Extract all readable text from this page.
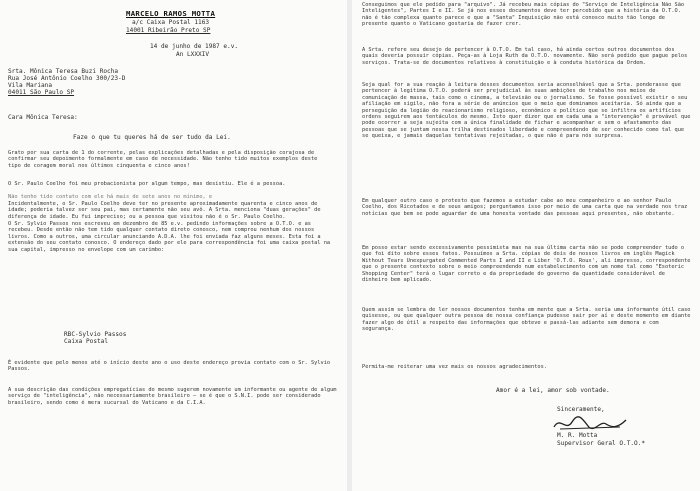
MARCELO RAMOS MOTTA
a/c Caixa Postal 1163
14001 Ribeirão Preto SP
14 de junho de 1987 e.v.
An LXXXIV
Srta. Mônica Teresa Buzi Rocha
Rua José Antônio Coelho 300/23-D
Vila Mariana
04011 São Paulo SP
Cara Mônica Teresa:
Faze o que tu queres há de ser tudo da Lei.
Grato por sua carta de 1 do corrente, pelas explicações detalhadas e pela disposição corajosa de confirmar seu depoimento formalmente em caso de necessidade. Não tenho tido muitos exemplos deste tipo de coragem moral nos últimos cinquenta e cinco anos!
O Sr. Paulo Coelho foi meu probacionista por algum tempo, mas desistiu. Ele é a pessoa.
Não tenho tido contato com ele há mais de sete anos no mínimo, e
Incidentalmente, o Sr. Paulo Coelho deve ter no presente aproximadamente quarenta e cinco anos de idade; poderia talvez ser seu pai, mas certamente não seu avô. A Srta. menciona "duas gerações" de diferença de idade. Eu fui impreciso; ou a pessoa que visitou não é o Sr. Paulo Coelho.
O Sr. Sylvio Passos nos escreveu em dezembro de 85 e.v. pedindo informações sobre a O.T.O. e as recebeu. Desde então não tem tido qualquer contato direto conosco, nem comprou nenhum dos nossos livros. Como a outros, uma circular anunciando A.D.A. lhe foi enviada faz alguns meses. Esta foi a extensão do seu contato conosco. O endereço dado por ele para correspondência foi uma caixa postal na sua capital, impresso no envelope com um carimbo:
RBC-Sylvio Passos
Caixa Postal
É evidente que pelo menos até o início deste ano o uso deste endereço provia contato com o Sr. Sylvio Passos.
A sua descrição das condições empregatícias do mesmo sugerem novamente um informante ou agente de algum serviço de "inteligência", não necessariamente brasileiro — se é que o S.N.I. pode ser considerado brasileiro, sendo como é mera sucursal do Vaticano e da C.I.A.
Conseguimos que ele pedido para "arquivo". Já recebeu mais cópias do "Serviço de Inteligência Não São Inteligentes", Partes I e II. Se já nos esses documentos deve ter percebido que a história da O.T.O. não é tão complexa quanto parece e que a "Santa" Inquisição não está conosco muito tão longe de presente quanto o Vaticano gostaria de fazer crer.
A Srta. refere seu desejo de pertencer à O.T.O. Em tal caso, há ainda certos outros documentos dos quais deveria possuir cópias. Peça-as à Loja Ruth da O.T.O. novamente. Não será pedido que pague pelos serviços. Trata-se de documentos relativos à constituição e à conduta histórica da Ordem.
Seja qual for a sua reação à leitura desses documentos seria aconselhável que a Srta. ponderasse que pertencer à legítima O.T.O. poderá ser prejudicial às suas ambições de trabalho nos meios de comunicação de massa, tais como o cinema, a televisão ou o jornalismo. Se fosse possível existir o seu afiliação em sigilo, não fora a série de anúncios que o meio que dominamos aceitaria. Só ainda que a perseguição da legião do reacionarismo religioso, econômico e político que se infiltra os artifícios ordens seguirem aos tentáculos do mesmo. Isto quer dizer que em cada uma a "intervenção" é provável que pode ocorrer a seja sujeita com a única finalidade de fichar e acompanhar e sem o afastamento das pessoas que se juntam nessa trilha destinados liberdade e compreendendo de ser conhecido como tal que se queixa, e jamais daquelas tentativas rejeitadas, o que não é para nós surpresa.
Em qualquer outro caso o protesto que fazemos a estudar cabe ao meu companheiro e ao senhor Paulo Coelho, dos Ricotados e de seus amigos; perguntamos isso por meio de uma carta que na verdade nos traz notícias que bem se pode aguardar de uma honesta vontade das pessoas aqui presentes, não obstante.
Em posso estar sendo excessivamente pessimista mas na sua última carta não se pode compreender tudo o que foi dito sobre esses fatos. Possuímos a Srta. cópias de dois de nossos livros em inglês Magick Without Tears Unexpurgated Commented Parts I and II e Liber 'O.T.O. Roux', ali impresso, correspondente que o presente contexto sobre o meio compreendendo num estabelecimento com um nome tal como "Esoteric Shopping Center" terá o lugar correto e da propriedade do governo da quantidade considerável de dinheiro bem aplicado.
Quem assim se lembra de ler nossos documentos tenha em mente que a Srta. seria uma informante útil caso quisesse, ou que qualquer outra pessoa de nossa confiança pudesse sair por aí e deste momento em diante fazer algo de útil a respeito das informações que obteve e passá-las adiante sem demora e com segurança.
Permita-me reiterar uma vez mais os nossos agradecimentos.
Amor é a lei, amor sob vontade.
Sinceramente,
M. R. Motta
Supervisor Geral O.T.O.*
